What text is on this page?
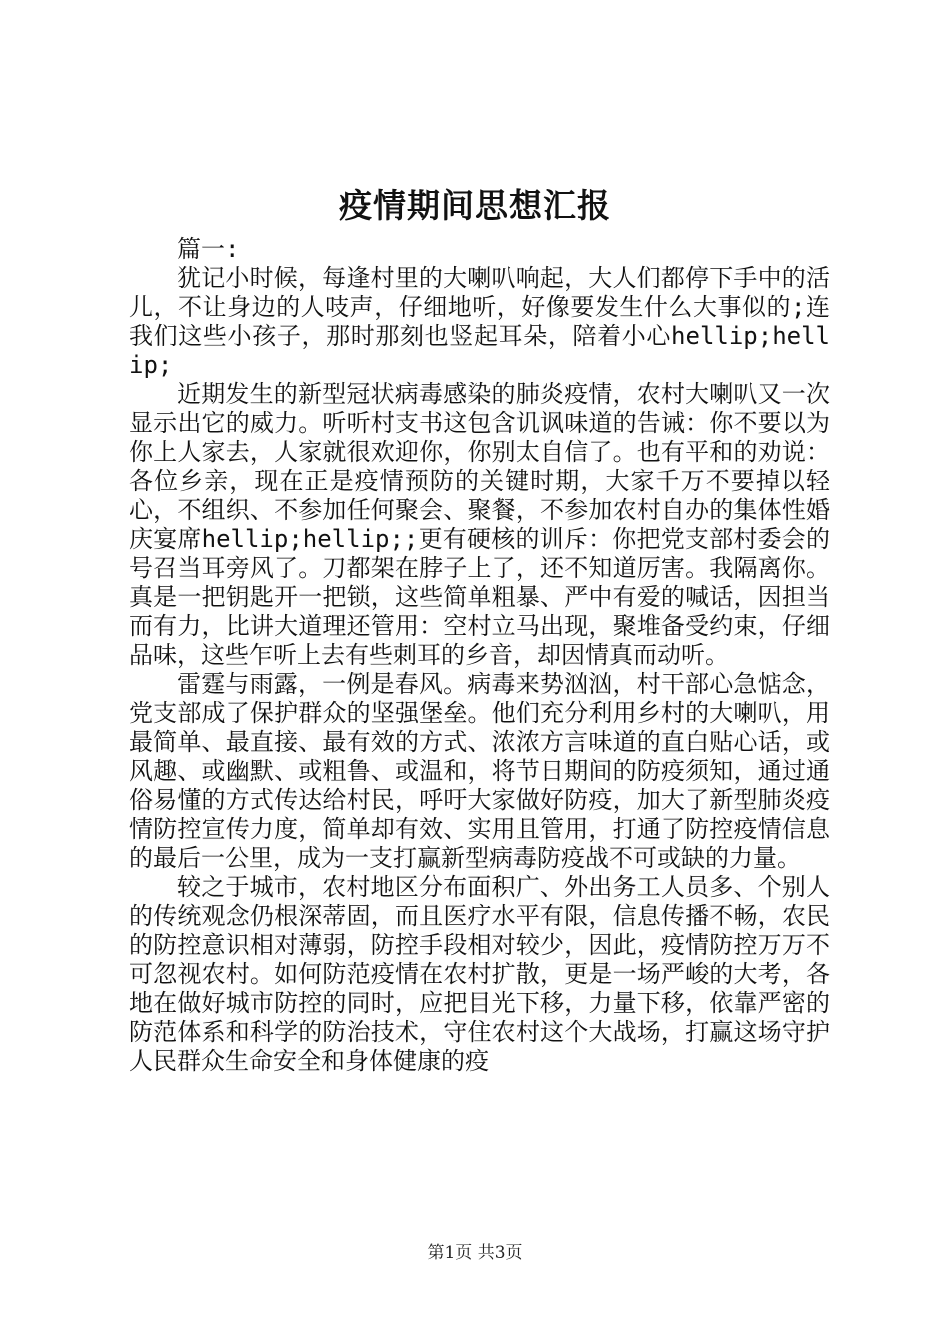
疫情期间思想汇报

篇一:

犹记小时候，每逢村里的大喇叭响起，大人们都停下手中的活儿，不让身边的人吱声，仔细地听，好像要发生什么大事似的;连我们这些小孩子，那时那刻也竖起耳朵，陪着小心hellip;hellip;

近期发生的新型冠状病毒感染的肺炎疫情，农村大喇叭又一次显示出它的威力。听听村支书这包含讥讽味道的告诫：你不要以为你上人家去，人家就很欢迎你，你别太自信了。也有平和的劝说：各位乡亲，现在正是疫情预防的关键时期，大家千万不要掉以轻心，不组织、不参加任何聚会、聚餐，不参加农村自办的集体性婚庆宴席hellip;hellip;;更有硬核的训斥：你把党支部村委会的号召当耳旁风了。刀都架在脖子上了，还不知道厉害。我隔离你。真是一把钥匙开一把锁，这些简单粗暴、严中有爱的喊话，因担当而有力，比讲大道理还管用：空村立马出现，聚堆备受约束，仔细品味，这些乍听上去有些刺耳的乡音，却因情真而动听。

雷霆与雨露，一例是春风。病毒来势汹汹，村干部心急惦念，党支部成了保护群众的坚强堡垒。他们充分利用乡村的大喇叭，用最简单、最直接、最有效的方式、浓浓方言味道的直白贴心话，或风趣、或幽默、或粗鲁、或温和，将节日期间的防疫须知，通过通俗易懂的方式传达给村民，呼吁大家做好防疫，加大了新型肺炎疫情防控宣传力度，简单却有效、实用且管用，打通了防控疫情信息的最后一公里，成为一支打赢新型病毒防疫战不可或缺的力量。

较之于城市，农村地区分布面积广、外出务工人员多、个别人的传统观念仍根深蒂固，而且医疗水平有限，信息传播不畅，农民的防控意识相对薄弱，防控手段相对较少，因此，疫情防控万万不可忽视农村。如何防范疫情在农村扩散，更是一场严峻的大考，各地在做好城市防控的同时，应把目光下移，力量下移，依靠严密的防范体系和科学的防治技术，守住农村这个大战场，打赢这场守护人民群众生命安全和身体健康的疫

第1页 共3页
